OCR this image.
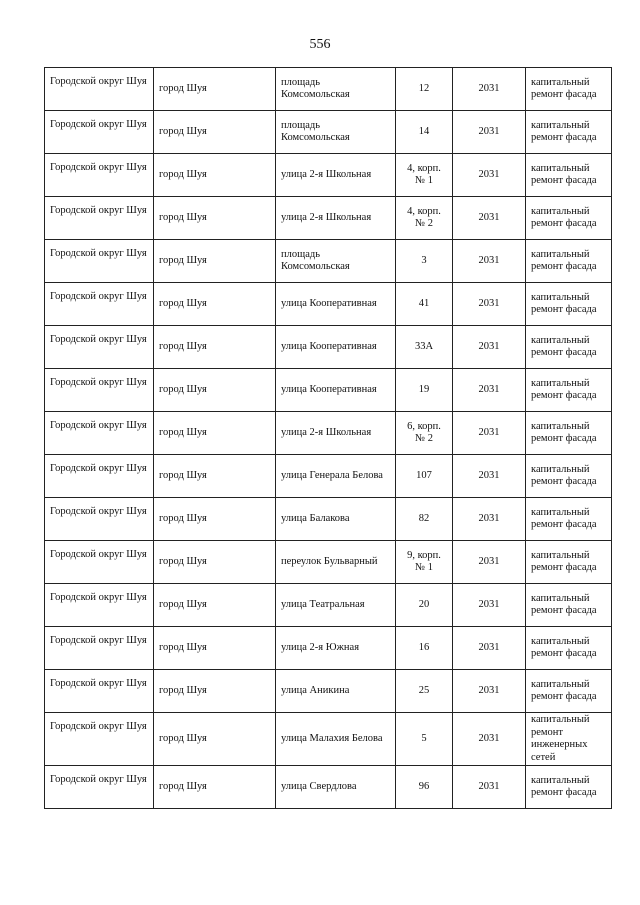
556
Городской округ Шуя	город Шуя	площадь Комсомольская	12	2031	капитальный ремонт фасада
Городской округ Шуя	город Шуя	площадь Комсомольская	14	2031	капитальный ремонт фасада
Городской округ Шуя	город Шуя	улица 2-я Школьная	4, корп. № 1	2031	капитальный ремонт фасада
Городской округ Шуя	город Шуя	улица 2-я Школьная	4, корп. № 2	2031	капитальный ремонт фасада
Городской округ Шуя	город Шуя	площадь Комсомольская	3	2031	капитальный ремонт фасада
Городской округ Шуя	город Шуя	улица Кооперативная	41	2031	капитальный ремонт фасада
Городской округ Шуя	город Шуя	улица Кооперативная	33А	2031	капитальный ремонт фасада
Городской округ Шуя	город Шуя	улица Кооперативная	19	2031	капитальный ремонт фасада
Городской округ Шуя	город Шуя	улица 2-я Школьная	6, корп. № 2	2031	капитальный ремонт фасада
Городской округ Шуя	город Шуя	улица Генерала Белова	107	2031	капитальный ремонт фасада
Городской округ Шуя	город Шуя	улица Балакова	82	2031	капитальный ремонт фасада
Городской округ Шуя	город Шуя	переулок Бульварный	9, корп. № 1	2031	капитальный ремонт фасада
Городской округ Шуя	город Шуя	улица Театральная	20	2031	капитальный ремонт фасада
Городской округ Шуя	город Шуя	улица 2-я Южная	16	2031	капитальный ремонт фасада
Городской округ Шуя	город Шуя	улица Аникина	25	2031	капитальный ремонт фасада
Городской округ Шуя	город Шуя	улица Малахия Белова	5	2031	капитальный ремонт инженерных сетей
Городской округ Шуя	город Шуя	улица Свердлова	96	2031	капитальный ремонт фасада
